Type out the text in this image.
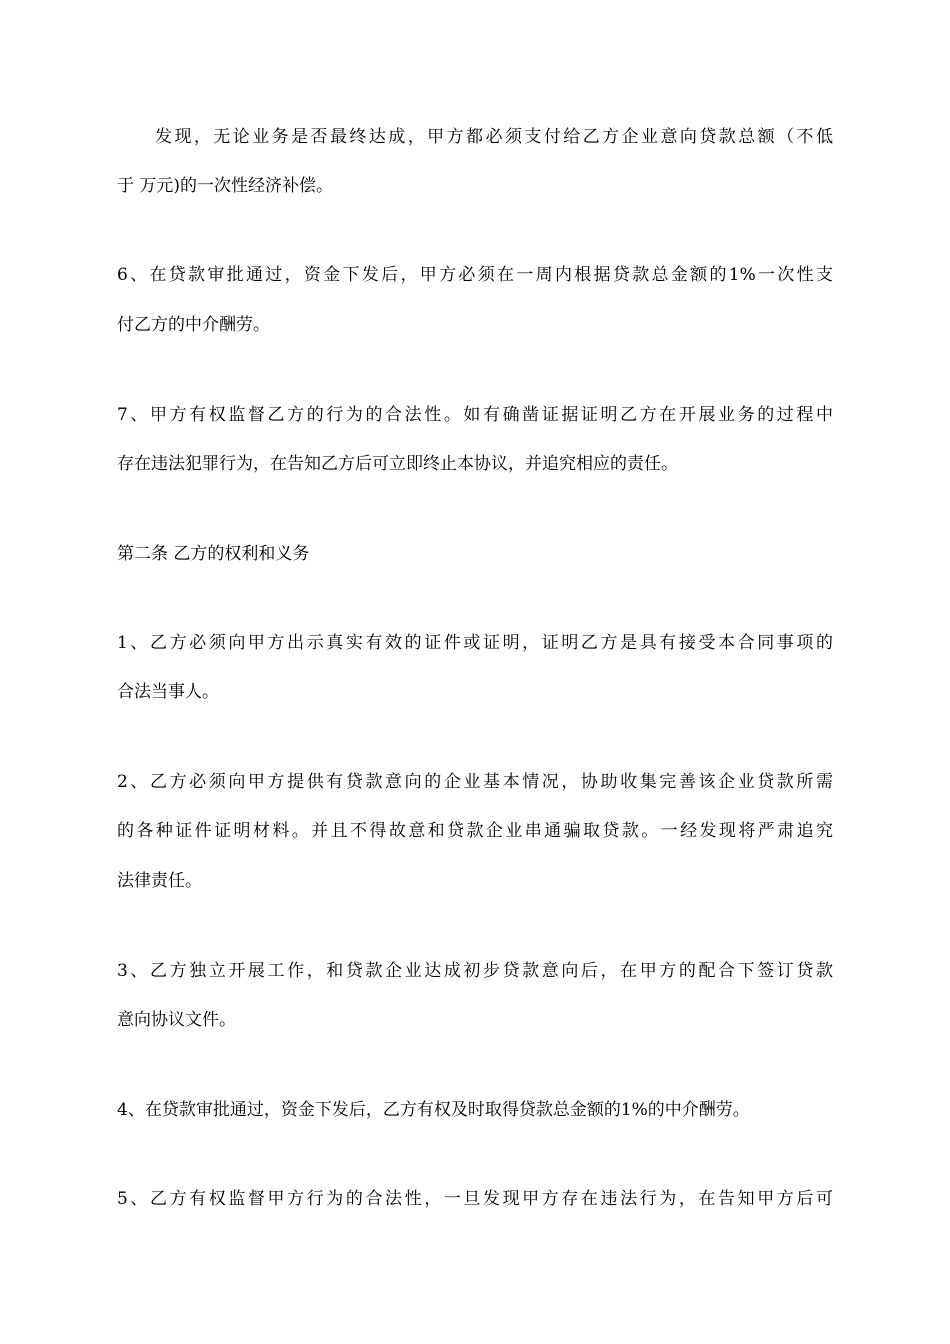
发现，无论业务是否最终达成，甲方都必须支付给乙方企业意向贷款总额（不低
于 万元)的一次性经济补偿。
6、在贷款审批通过，资金下发后，甲方必须在一周内根据贷款总金额的1%一次性支
付乙方的中介酬劳。
7、甲方有权监督乙方的行为的合法性。如有确凿证据证明乙方在开展业务的过程中
存在违法犯罪行为，在告知乙方后可立即终止本协议，并追究相应的责任。
第二条 乙方的权利和义务
1、乙方必须向甲方出示真实有效的证件或证明，证明乙方是具有接受本合同事项的
合法当事人。
2、乙方必须向甲方提供有贷款意向的企业基本情况，协助收集完善该企业贷款所需
的各种证件证明材料。并且不得故意和贷款企业串通骗取贷款。一经发现将严肃追究
法律责任。
3、乙方独立开展工作，和贷款企业达成初步贷款意向后，在甲方的配合下签订贷款
意向协议文件。
4、在贷款审批通过，资金下发后，乙方有权及时取得贷款总金额的1%的中介酬劳。
5、乙方有权监督甲方行为的合法性，一旦发现甲方存在违法行为，在告知甲方后可
